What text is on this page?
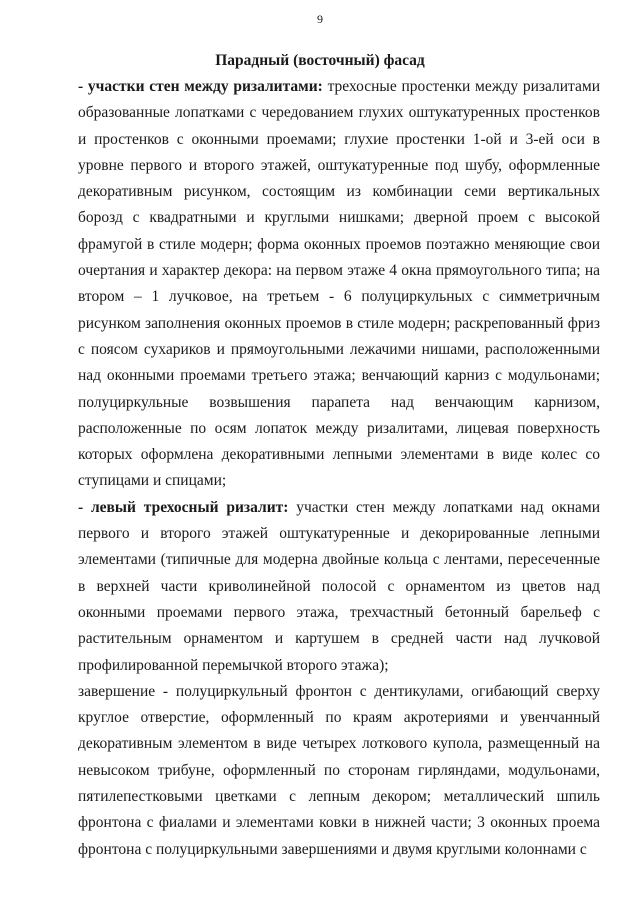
9
Парадный (восточный) фасад

- участки стен между ризалитами: трехосные простенки между ризалитами образованные лопатками с чередованием глухих оштукатуренных простенков и простенков с оконными проемами; глухие простенки 1-ой и 3-ей оси в уровне первого и второго этажей, оштукатуренные под шубу, оформленные декоративным рисунком, состоящим из комбинации семи вертикальных борозд с квадратными и круглыми нишками; дверной проем с высокой фрамугой в стиле модерн; форма оконных проемов поэтажно меняющие свои очертания и характер декора: на первом этаже 4 окна прямоугольного типа; на втором – 1 лучковое, на третьем - 6 полуциркульных с симметричным рисунком заполнения оконных проемов в стиле модерн; раскрепованный фриз с поясом сухариков и прямоугольными лежачими нишами, расположенными над оконными проемами третьего этажа; венчающий карниз с модульонами; полуциркульные возвышения парапета над венчающим карнизом, расположенные по осям лопаток между ризалитами, лицевая поверхность которых оформлена декоративными лепными элементами в виде колес со ступицами и спицами;

- левый трехосный ризалит: участки стен между лопатками над окнами первого и второго этажей оштукатуренные и декорированные лепными элементами (типичные для модерна двойные кольца с лентами, пересеченные в верхней части криволинейной полосой с орнаментом из цветов над оконными проемами первого этажа, трехчастный бетонный барельеф с растительным орнаментом и картушем в средней части над лучковой профилированной перемычкой второго этажа);

завершение - полуциркульный фронтон с дентикулами, огибающий сверху круглое отверстие, оформленный по краям акротериями и увенчанный декоративным элементом в виде четырех лоткового купола, размещенный на невысоком трибуне, оформленный по сторонам гирляндами, модульонами, пятилепестковыми цветками с лепным декором; металлический шпиль фронтона с фиалами и элементами ковки в нижней части; 3 оконных проема фронтона с полуциркульными завершениями и двумя круглыми колоннами с
